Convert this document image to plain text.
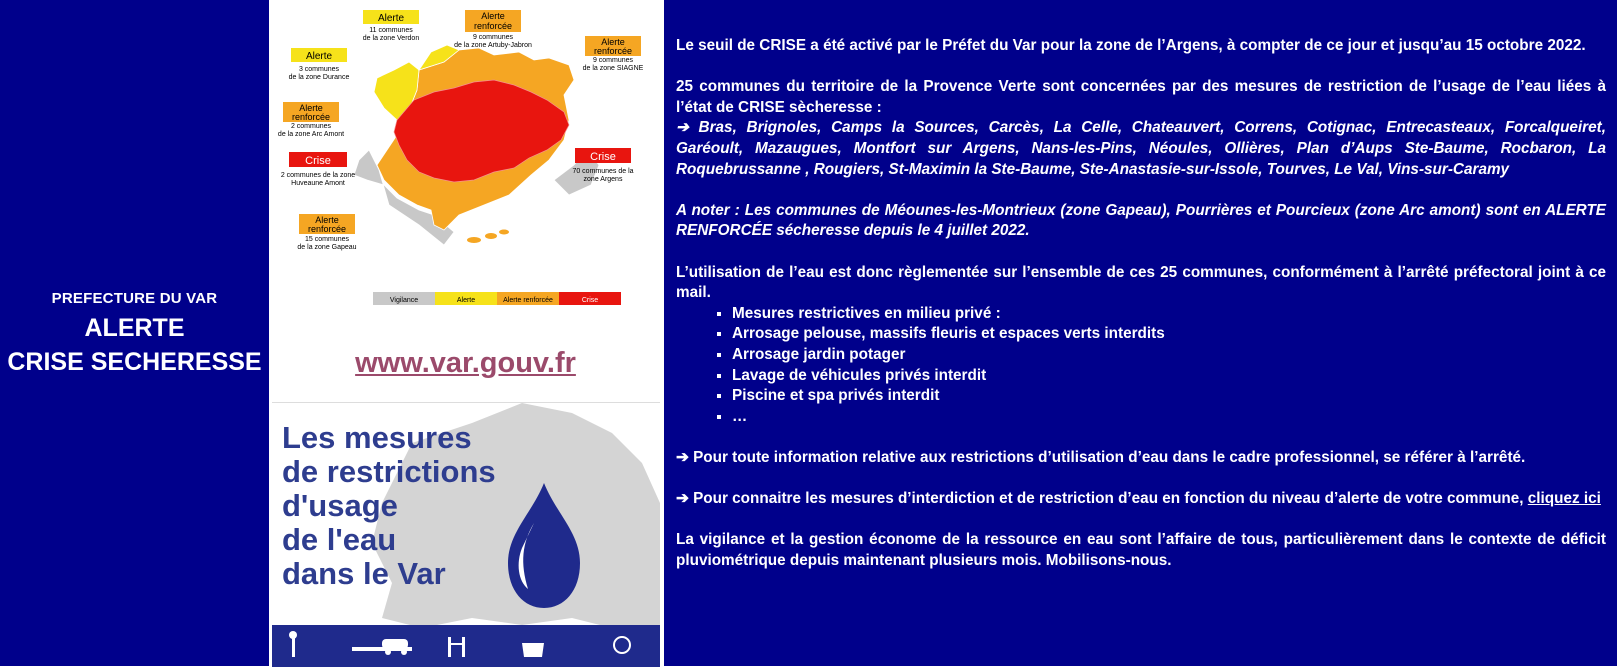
PREFECTURE DU VAR
ALERTE
CRISE SECHERESSE
Alerte
11 communes
de la zone Verdon
Alerte
renforcée
9 communes
de la zone Artuby-Jabron	Alerte
renforcée
9 communes
de la zone SIAGNE
Alerte
3 communes
de la zone Durance
Alerte
renforcée
2 communes
de la zone Arc Amont
Crise
2 communes de la zone
Huveaune Amont
Crise
70 communes de la
zone Argens
Alerte
renforcée
15 communes
de la zone Gapeau
Vigilance	Alerte	Alerte renforcée	Crise
www.var.gouv.fr
Les mesures
de restrictions
d'usage
de l'eau
dans le Var

Le seuil de CRISE a été activé par le Préfet du Var pour la zone de l’Argens, à compter de ce jour et jusqu’au 15 octobre 2022.

25 communes du territoire de la Provence Verte sont concernées par des mesures de restriction de l’usage de l’eau liées à l’état de CRISE sècheresse :

➔ Bras, Brignoles, Camps la Sources, Carcès, La Celle, Chateauvert, Correns, Cotignac, Entrecasteaux, Forcalqueiret, Garéoult, Mazaugues, Montfort sur Argens, Nans-les-Pins, Néoules, Ollières, Plan d’Aups Ste-Baume, Rocbaron, La Roquebrussanne , Rougiers, St-Maximin la Ste-Baume, Ste-Anastasie-sur-Issole, Tourves, Le Val, Vins-sur-Caramy

A noter : Les communes de Méounes-les-Montrieux (zone Gapeau), Pourrières et Pourcieux (zone Arc amont) sont en ALERTE RENFORCÉE sécheresse depuis le 4 juillet 2022.

L’utilisation de l’eau est donc règlementée sur l’ensemble de ces 25 communes, conformément à l’arrêté préfectoral joint à ce mail.

▪ Mesures restrictives en milieu privé :
▪ Arrosage pelouse, massifs fleuris et espaces verts interdits
▪ Arrosage jardin potager
▪ Lavage de véhicules privés interdit
▪ Piscine et spa privés interdit
▪ …

➔ Pour toute information relative aux restrictions d’utilisation d’eau dans le cadre professionnel, se référer à l’arrêté.

➔ Pour connaitre les mesures d’interdiction et de restriction d’eau en fonction du niveau d’alerte de votre commune, cliquez ici

La vigilance et la gestion économe de la ressource en eau sont l’affaire de tous, particulièrement dans le contexte de déficit pluviométrique depuis maintenant plusieurs mois. Mobilisons-nous.
